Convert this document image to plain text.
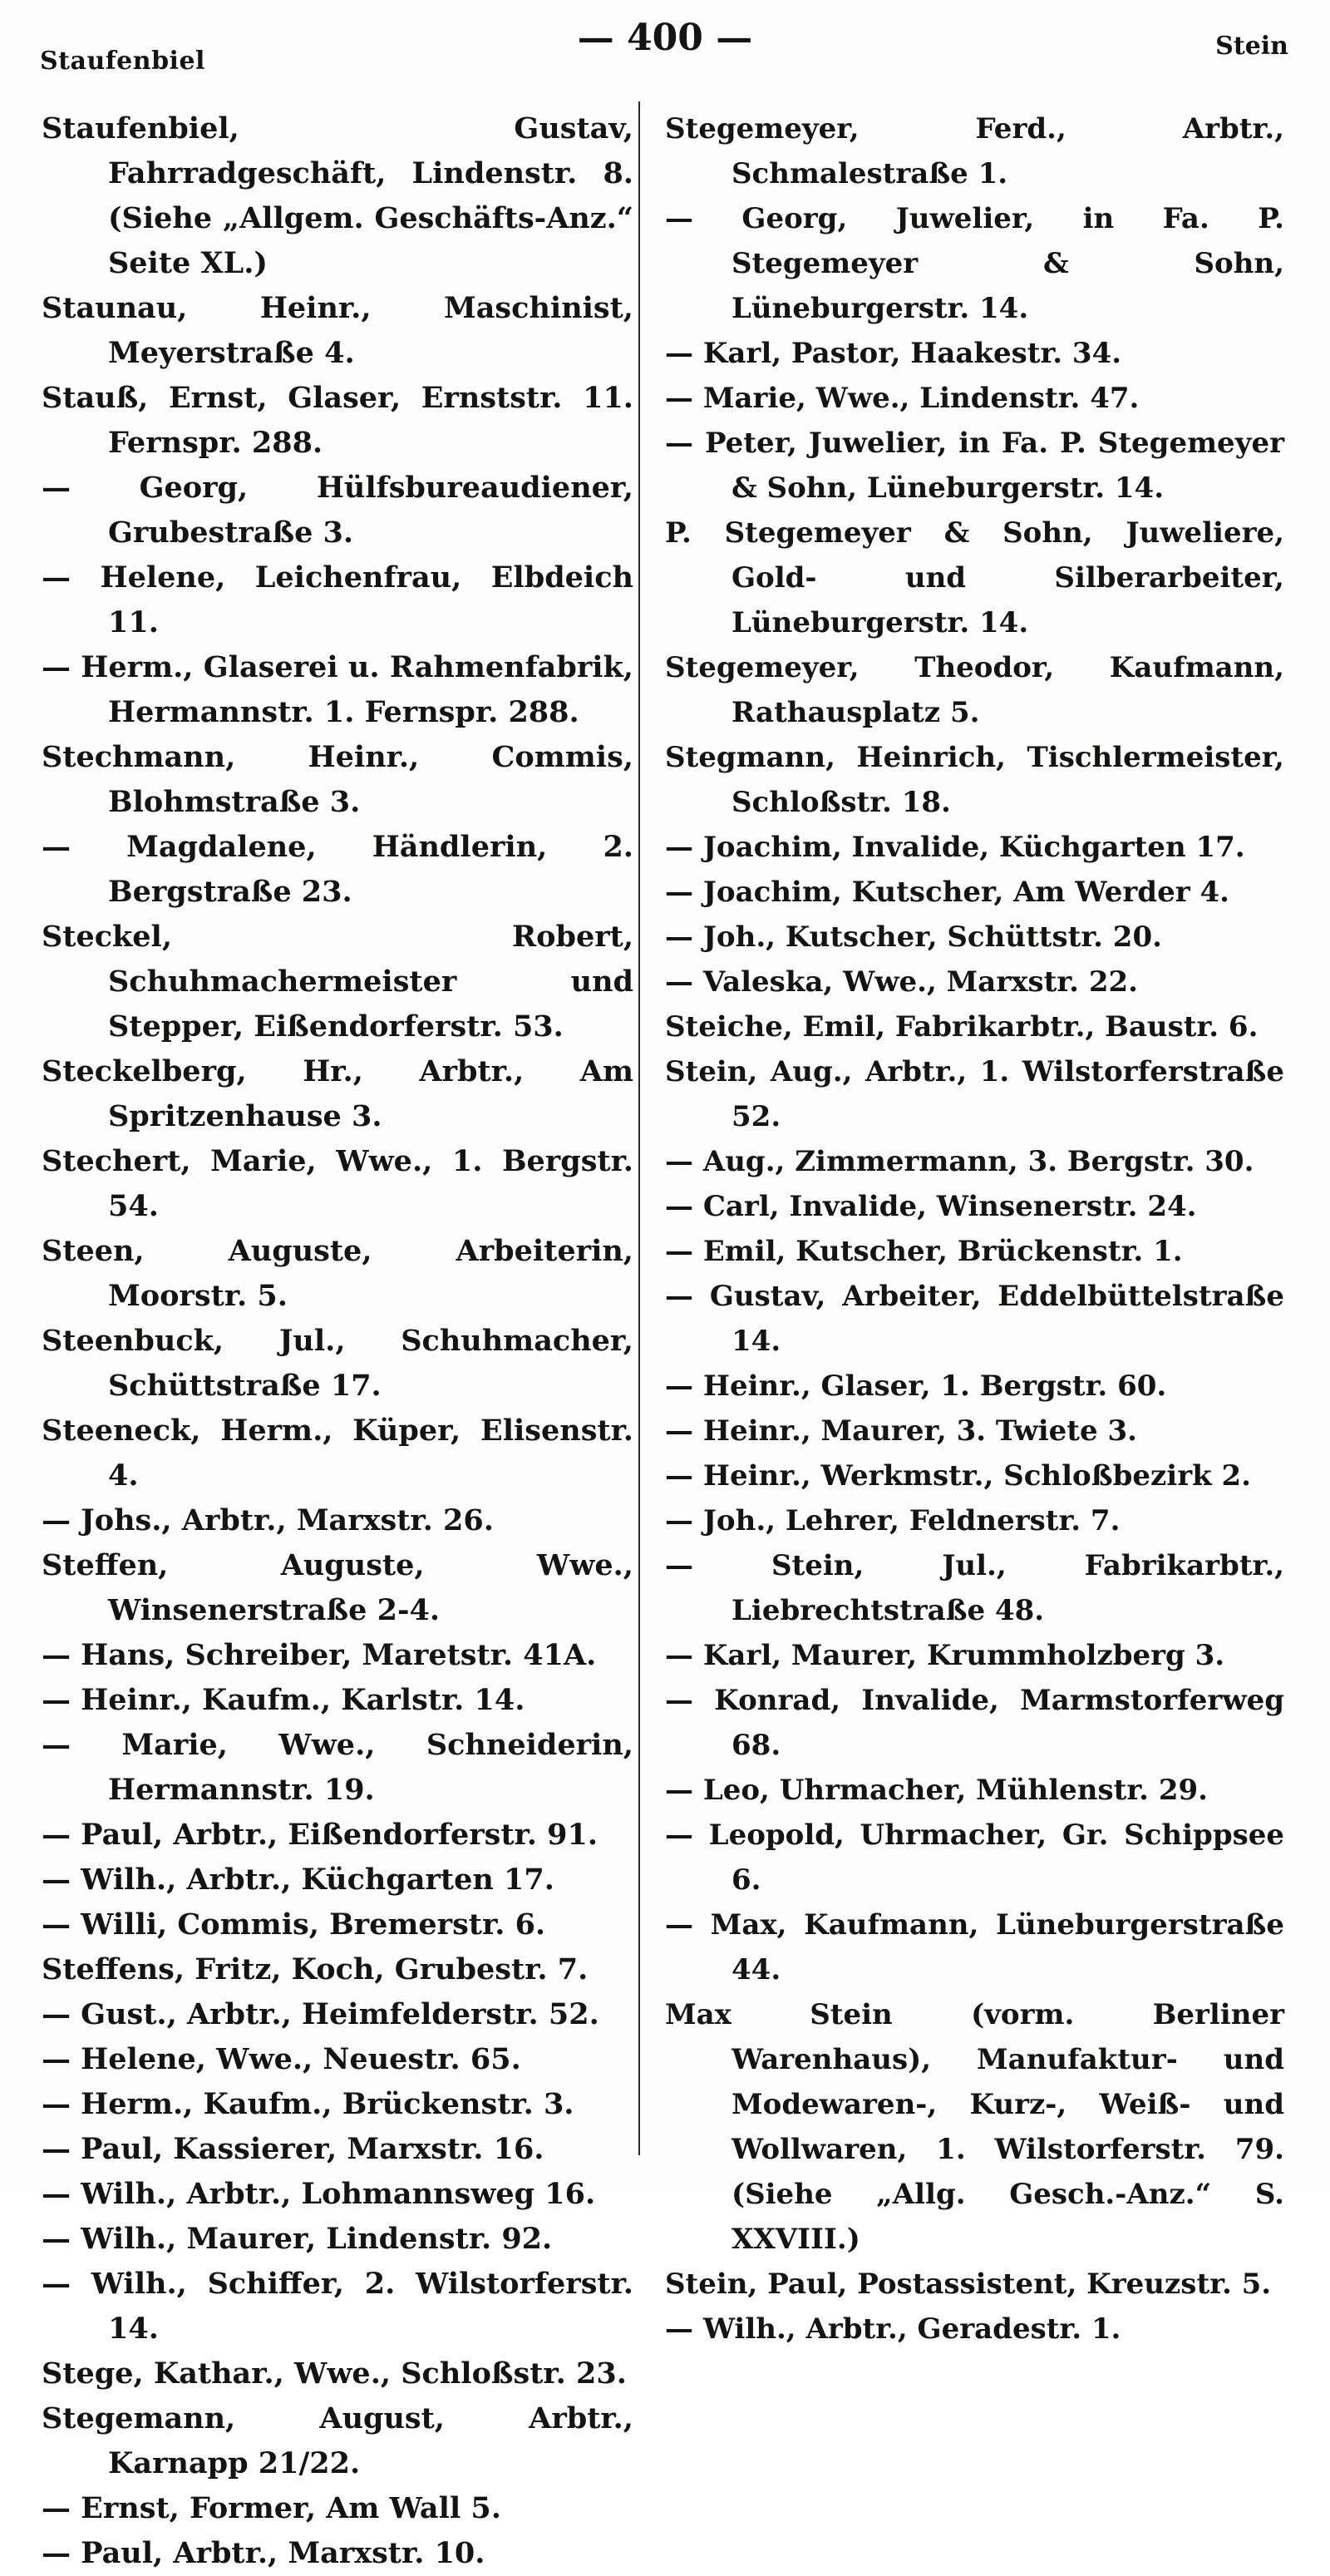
Staufenbiel
— 400 —	Stein

Staufenbiel, Gustav, Fahrradgeschäft, Lindenstr. 8. (Siehe „Allgem. Geschäfts-Anz.“ Seite XL.)

Staunau, Heinr., Maschinist, Meyerstraße 4.

Stauß, Ernst, Glaser, Ernststr. 11. Fernspr. 288.

— Georg, Hülfsbureaudiener, Grubestraße 3.

— Helene, Leichenfrau, Elbdeich 11.

— Herm., Glaserei u. Rahmenfabrik, Hermannstr. 1. Fernspr. 288.

Stechmann, Heinr., Commis, Blohmstraße 3.

— Magdalene, Händlerin, 2. Bergstraße 23.

Steckel, Robert, Schuhmachermeister und Stepper, Eißendorferstr. 53.

Steckelberg, Hr., Arbtr., Am Spritzenhause 3.

Stechert, Marie, Wwe., 1. Bergstr. 54.

Steen, Auguste, Arbeiterin, Moorstr. 5.

Steenbuck, Jul., Schuhmacher, Schüttstraße 17.

Steeneck, Herm., Küper, Elisenstr. 4.

— Johs., Arbtr., Marxstr. 26.

Steffen, Auguste, Wwe., Winsenerstraße 2-4.

— Hans, Schreiber, Maretstr. 41A.

— Heinr., Kaufm., Karlstr. 14.

— Marie, Wwe., Schneiderin, Hermannstr. 19.

— Paul, Arbtr., Eißendorferstr. 91.

— Wilh., Arbtr., Küchgarten 17.

— Willi, Commis, Bremerstr. 6.

Steffens, Fritz, Koch, Grubestr. 7.

— Gust., Arbtr., Heimfelderstr. 52.

— Helene, Wwe., Neuestr. 65.

— Herm., Kaufm., Brückenstr. 3.

— Paul, Kassierer, Marxstr. 16.

— Wilh., Arbtr., Lohmannsweg 16.

— Wilh., Maurer, Lindenstr. 92.

— Wilh., Schiffer, 2. Wilstorferstr. 14.

Stege, Kathar., Wwe., Schloßstr. 23.

Stegemann, August, Arbtr., Karnapp 21/22.

— Ernst, Former, Am Wall 5.

— Paul, Arbtr., Marxstr. 10.

Stegemeyer, Ferd., Arbtr., Schmalestraße 1.

— Georg, Juwelier, in Fa. P. Stegemeyer & Sohn, Lüneburgerstr. 14.

— Karl, Pastor, Haakestr. 34.

— Marie, Wwe., Lindenstr. 47.

— Peter, Juwelier, in Fa. P. Stegemeyer & Sohn, Lüneburgerstr. 14.

P. Stegemeyer & Sohn, Juweliere, Gold- und Silberarbeiter, Lüneburgerstr. 14.

Stegemeyer, Theodor, Kaufmann, Rathausplatz 5.

Stegmann, Heinrich, Tischlermeister, Schloßstr. 18.

— Joachim, Invalide, Küchgarten 17.

— Joachim, Kutscher, Am Werder 4.

— Joh., Kutscher, Schüttstr. 20.

— Valeska, Wwe., Marxstr. 22.

Steiche, Emil, Fabrikarbtr., Baustr. 6.

Stein, Aug., Arbtr., 1. Wilstorferstraße 52.

— Aug., Zimmermann, 3. Bergstr. 30.

— Carl, Invalide, Winsenerstr. 24.

— Emil, Kutscher, Brückenstr. 1.

— Gustav, Arbeiter, Eddelbüttelstraße 14.

— Heinr., Glaser, 1. Bergstr. 60.

— Heinr., Maurer, 3. Twiete 3.

— Heinr., Werkmstr., Schloßbezirk 2.

— Joh., Lehrer, Feldnerstr. 7.

— Stein, Jul., Fabrikarbtr., Liebrechtstraße 48.

— Karl, Maurer, Krummholzberg 3.

— Konrad, Invalide, Marmstorferweg 68.

— Leo, Uhrmacher, Mühlenstr. 29.

— Leopold, Uhrmacher, Gr. Schippsee 6.

— Max, Kaufmann, Lüneburgerstraße 44.

Max Stein (vorm. Berliner Warenhaus), Manufaktur- und Modewaren-, Kurz-, Weiß- und Wollwaren, 1. Wilstorferstr. 79. (Siehe „Allg. Gesch.-Anz.“ S. XXVIII.)

Stein, Paul, Postassistent, Kreuzstr. 5.

— Wilh., Arbtr., Geradestr. 1.
